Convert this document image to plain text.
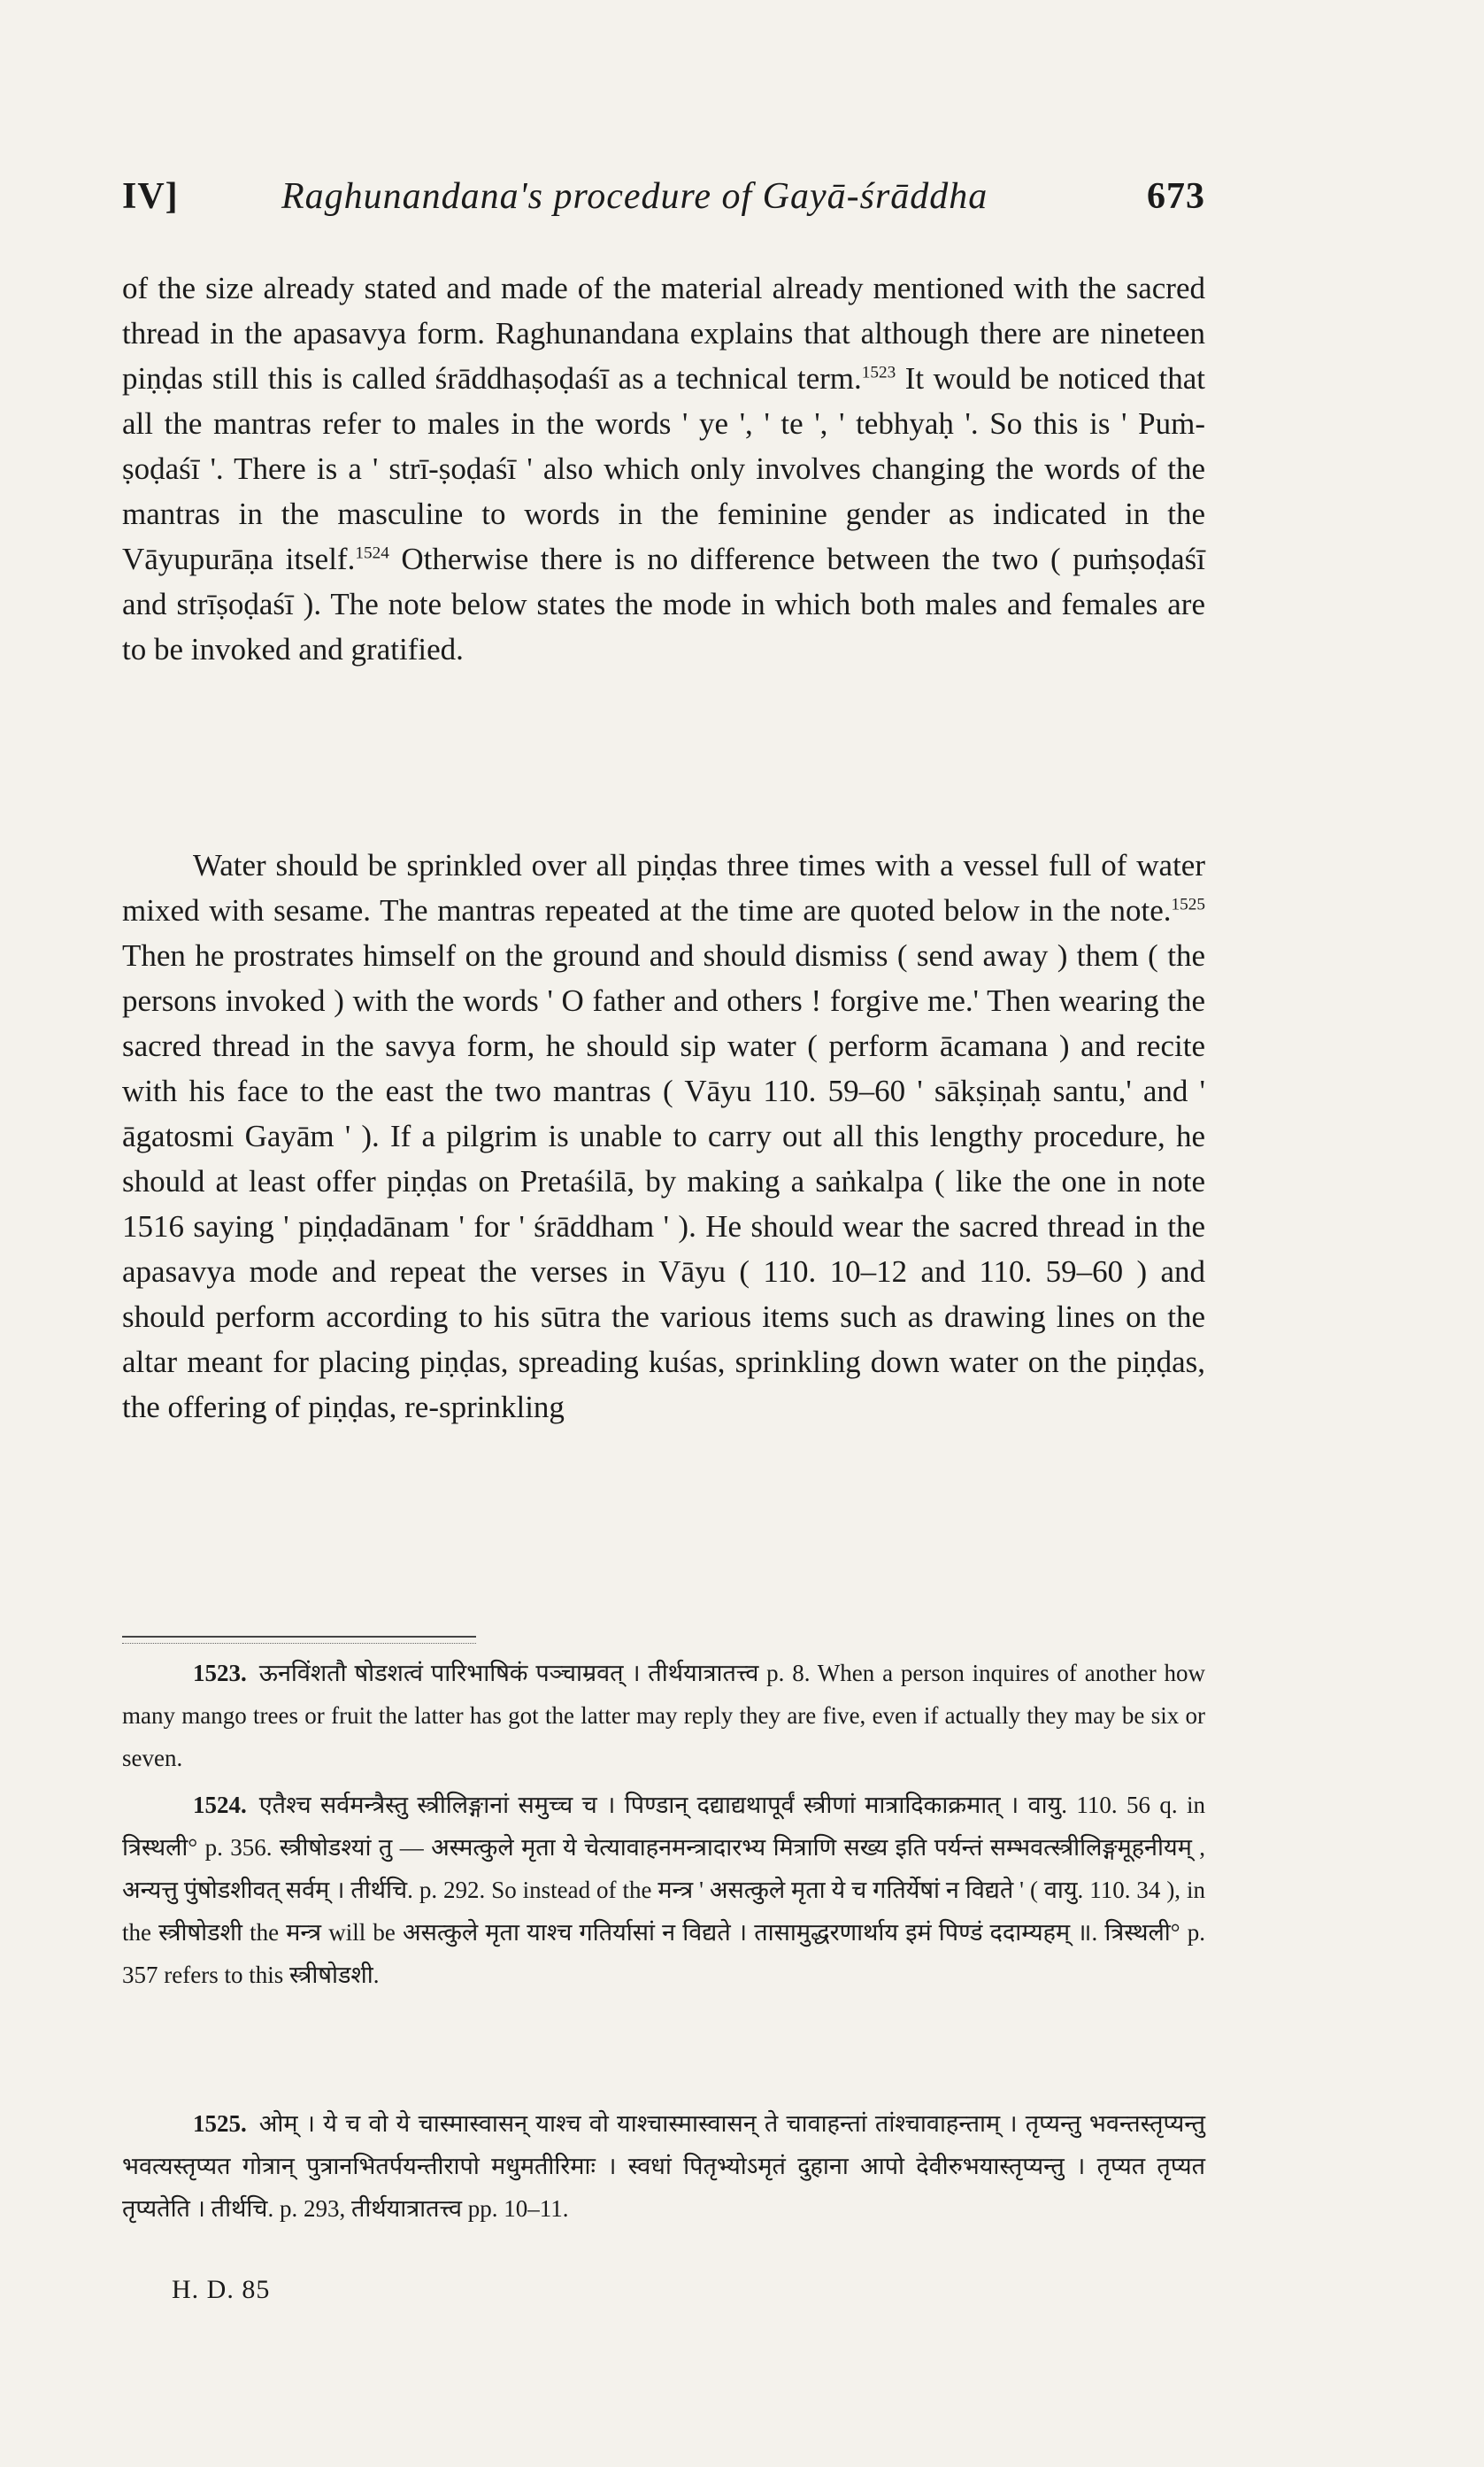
IV]	Raghunandana's procedure of Gayā-śrāddha	673
of the size already stated and made of the material already mentioned with the sacred thread in the apasavya form. Raghunandana explains that although there are nineteen piṇḍas still this is called śrāddhaṣoḍaśī as a technical term.$^{1523}$ It would be noticed that all the mantras refer to males in the words ' ye ', ' te ', ' tebhyaḥ '. So this is ' Puṁ-ṣoḍaśī '. There is a ' strī-ṣoḍaśī ' also which only involves changing the words of the mantras in the masculine to words in the feminine gender as indicated in the Vāyupurāṇa itself.$^{1524}$ Otherwise there is no difference between the two ( puṁṣoḍaśī and strīṣoḍaśī ). The note below states the mode in which both males and females are to be invoked and gratified.
Water should be sprinkled over all piṇḍas three times with a vessel full of water mixed with sesame. The mantras repeated at the time are quoted below in the note.$^{1525}$ Then he prostrates himself on the ground and should dismiss ( send away ) them ( the persons invoked ) with the words ' O father and others ! forgive me.' Then wearing the sacred thread in the savya form, he should sip water ( perform ācamana ) and recite with his face to the east the two mantras ( Vāyu 110. 59–60 ' sākṣiṇaḥ santu,' and ' āgatosmi Gayām ' ). If a pilgrim is unable to carry out all this lengthy procedure, he should at least offer piṇḍas on Pretaśilā, by making a saṅkalpa ( like the one in note 1516 saying ' piṇḍadānam ' for ' śrāddham ' ). He should wear the sacred thread in the apasavya mode and repeat the verses in Vāyu ( 110. 10–12 and 110. 59–60 ) and should perform according to his sūtra the various items such as drawing lines on the altar meant for placing piṇḍas, spreading kuśas, sprinkling down water on the piṇḍas, the offering of piṇḍas, re-sprinkling
1523. ऊनविंशतौ षोडशत्वं पारिभाषिकं पञ्चाम्रवत् । तीर्थयात्रातत्त्व p. 8. When a person inquires of another how many mango trees or fruit the latter has got the latter may reply they are five, even if actually they may be six or seven.
1524. एतैश्च सर्वमन्त्रैस्तु स्त्रीलिङ्गानां समुच्च च । पिण्डान् दद्याद्यथापूर्वं स्त्रीणां मात्रादिकाक्रमात् । वायु. 110. 56 q. in त्रिस्थली° p. 356. स्त्रीषोडश्यां तु — अस्मत्कुले मृता ये चेत्यावाहनमन्त्रादारभ्य मित्राणि सख्य इति पर्यन्तं सम्भवत्स्त्रीलिङ्गमूहनीयम् , अन्यत्तु पुंषोडशीवत् सर्वम् । तीर्थचि. p. 292. So instead of the मन्त्र ' असत्कुले मृता ये च गतिर्येषां न विद्यते ' ( वायु. 110. 34 ), in the स्त्रीषोडशी the मन्त्र will be असत्कुले मृता याश्च गतिर्यासां न विद्यते । तासामुद्धरणार्थाय इमं पिण्डं ददाम्यहम् ॥. त्रिस्थली° p. 357 refers to this स्त्रीषोडशी.
1525. ओम् । ये च वो ये चास्मास्वासन् याश्च वो याश्चास्मास्वासन् ते चावाहन्तां तांश्चावाहन्ताम् । तृप्यन्तु भवन्तस्तृप्यन्तु भवत्यस्तृप्यत गोत्रान् पुत्रानभितर्पयन्तीरापो मधुमतीरिमाः । स्वधां पितृभ्योऽमृतं दुहाना आपो देवीरुभयास्तृप्यन्तु । तृप्यत तृप्यत तृप्यतेति । तीर्थचि. p. 293, तीर्थयात्रातत्त्व pp. 10–11.
H. D. 85
